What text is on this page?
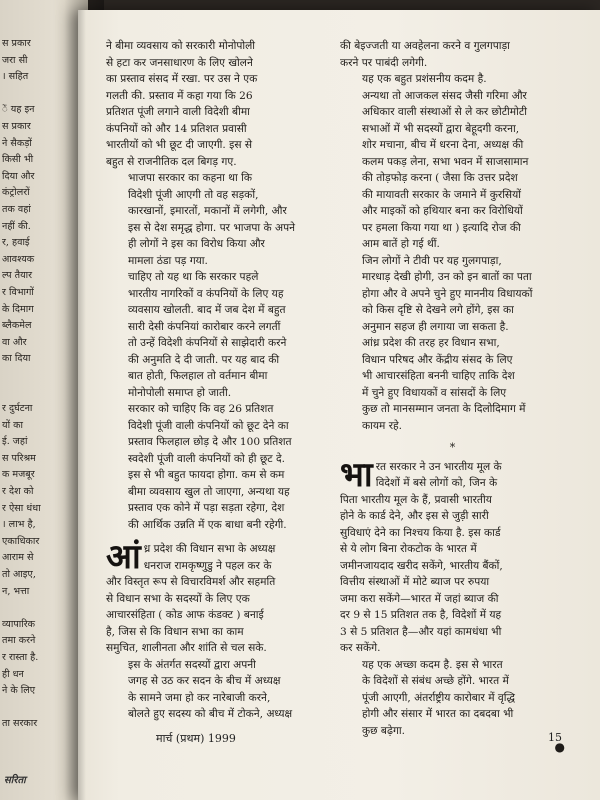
स प्रकार
जरा सी
। सहित
ें यह इन
स प्रकार
ने सैकड़ों
किसी भी
दिया और
कंट्रोलरों
तक वहां
नहीं की.
र, हवाई
आवश्यक
ल्प तैयार
र विभागों
के दिमाग
ब्लैकमेल
वा और
का दिया
र दुर्घटना
यों का
ई. जहां
स परिश्रम
क मजबूर
र देश को
र ऐसा धंधा
। लाभ है,
एकाधिकार
आराम से
तो आइए,
न, भत्ता
व्यापारिक
तमा करने
र रास्ता है.
ही धन
ने के लिए
ता सरकार
सरिता

ने बीमा व्यवसाय को सरकारी मोनोपोली
से हटा कर जनसाधारण के लिए खोलने
का प्रस्ताव संसद में रखा. पर उस ने एक
गलती की. प्रस्ताव में कहा गया कि 26
प्रतिशत पूंजी लगाने वाली विदेशी बीमा
कंपनियों को और 14 प्रतिशत प्रवासी
भारतीयों को भी छूट दी जाएगी. इस से
बहुत से राजनीतिक दल बिगड़ गए.

भाजपा सरकार का कहना था कि
विदेशी पूंजी आएगी तो वह सड़कों,
कारखानों, इमारतों, मकानों में लगेगी, और
इस से देश समृद्ध होगा. पर भाजपा के अपने
ही लोगों ने इस का विरोध किया और
मामला ठंडा पड़ गया.

चाहिए तो यह था कि सरकार पहले
भारतीय नागरिकों व कंपनियों के लिए यह
व्यवसाय खोलती. बाद में जब देश में बहुत
सारी देसी कंपनियां कारोबार करने लगतीं
तो उन्हें विदेशी कंपनियों से साझेदारी करने
की अनुमति दे दी जाती. पर यह बाद की
बात होती, फिलहाल तो वर्तमान बीमा
मोनोपोली समाप्त हो जाती.

सरकार को चाहिए कि वह 26 प्रतिशत
विदेशी पूंजी वाली कंपनियों को छूट देने का
प्रस्ताव फिलहाल छोड़ दे और 100 प्रतिशत
स्वदेशी पूंजी वाली कंपनियों को ही छूट दे.
इस से भी बहुत फायदा होगा. कम से कम
बीमा व्यवसाय खुल तो जाएगा, अन्यथा यह
प्रस्ताव एक कोने में पड़ा सड़ता रहेगा, देश
की आर्थिक उन्नति में एक बाधा बनी रहेगी.

आं ध्र प्रदेश की विधान सभा के अध्यक्ष
धनराज रामकृष्णुडु ने पहल कर के
और विस्तृत रूप से विचारविमर्श और सहमति
से विधान सभा के सदस्यों के लिए एक
आचारसंहिता ( कोड आफ कंडक्ट ) बनाई
है, जिस से कि विधान सभा का काम
समुचित, शालीनता और शांति से चल सके.

इस के अंतर्गत सदस्यों द्वारा अपनी
जगह से उठ कर सदन के बीच में अध्यक्ष
के सामने जमा हो कर नारेबाजी करने,
बोलते हुए सदस्य को बीच में टोकने, अध्यक्ष

की बेइज्जती या अवहेलना करने व गुलगपाड़ा
करने पर पाबंदी लगेगी.

यह एक बहुत प्रशंसनीय कदम है.
अन्यथा तो आजकल संसद जैसी गरिमा और
अधिकार वाली संस्थाओं से ले कर छोटीमोटी
सभाओं में भी सदस्यों द्वारा बेहूदगी करना,
शोर मचाना, बीच में धरना देना, अध्यक्ष की
कलम पकड़ लेना, सभा भवन में साजसामान
की तोड़फोड़ करना ( जैसा कि उत्तर प्रदेश
की मायावती सरकार के जमाने में कुरसियों
और माइकों को हथियार बना कर विरोधियों
पर हमला किया गया था ) इत्यादि रोज की
आम बातें हो गई थीं.

जिन लोगों ने टीवी पर यह गुलगपाड़ा,
मारधाड़ देखी होगी, उन को इन बातों का पता
होगा और वे अपने चुने हुए माननीय विधायकों
को किस दृष्टि से देखने लगे होंगे, इस का
अनुमान सहज ही लगाया जा सकता है.

आंध्र प्रदेश की तरह हर विधान सभा,
विधान परिषद और केंद्रीय संसद के लिए
भी आचारसंहिता बननी चाहिए ताकि देश
में चुने हुए विधायकों व सांसदों के लिए
कुछ तो मानसम्मान जनता के दिलोदिमाग में
कायम रहे.

*

भा रत सरकार ने उन भारतीय मूल के
विदेशों में बसे लोगों को, जिन के
पिता भारतीय मूल के हैं, प्रवासी भारतीय
होने के कार्ड देने, और इस से जुड़ी सारी
सुविधाएं देने का निश्चय किया है. इस कार्ड
से ये लोग बिना रोकटोक के भारत में
जमीनजायदाद खरीद सकेंगे, भारतीय बैंकों,
वित्तीय संस्थाओं में मोटे ब्याज पर रुपया
जमा करा सकेंगे—भारत में जहां ब्याज की
दर 9 से 15 प्रतिशत तक है, विदेशों में यह
3 से 5 प्रतिशत है—और यहां कामधंधा भी
कर सकेंगे.

यह एक अच्छा कदम है. इस से भारत
के विदेशों से संबंध अच्छे होंगे. भारत में
पूंजी आएगी, अंतर्राष्ट्रीय कारोबार में वृद्धि
होगी और संसार में भारत का दबदबा भी
कुछ बढ़ेगा.

●
मार्च (प्रथम) 1999	15
